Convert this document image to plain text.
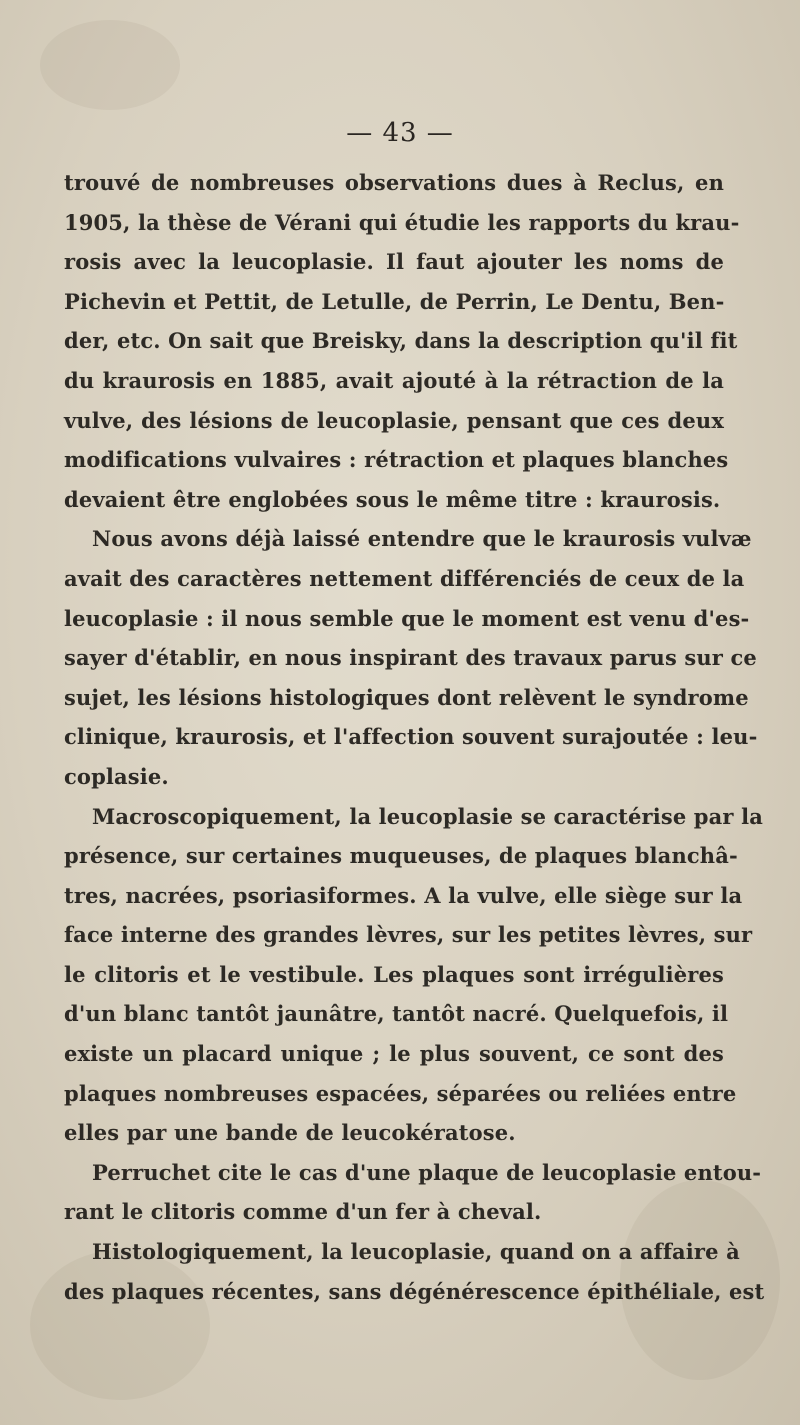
— 43 —
trouvé de nombreuses observations dues à Reclus, en
1905, la thèse de Vérani qui étudie les rapports du krau-
rosis avec la leucoplasie. Il faut ajouter les noms de
Pichevin et Pettit, de Letulle, de Perrin, Le Dentu, Ben-
der, etc. On sait que Breisky, dans la description qu'il fit
du kraurosis en 1885, avait ajouté à la rétraction de la
vulve, des lésions de leucoplasie, pensant que ces deux
modifications vulvaires : rétraction et plaques blanches
devaient être englobées sous le même titre : kraurosis.
Nous avons déjà laissé entendre que le kraurosis vulvæ
avait des caractères nettement différenciés de ceux de la
leucoplasie : il nous semble que le moment est venu d'es-
sayer d'établir, en nous inspirant des travaux parus sur ce
sujet, les lésions histologiques dont relèvent le syndrome
clinique, kraurosis, et l'affection souvent surajoutée : leu-
coplasie.
Macroscopiquement, la leucoplasie se caractérise par la
présence, sur certaines muqueuses, de plaques blanchâ-
tres, nacrées, psoriasiformes. A la vulve, elle siège sur la
face interne des grandes lèvres, sur les petites lèvres, sur
le clitoris et le vestibule. Les plaques sont irrégulières
d'un blanc tantôt jaunâtre, tantôt nacré. Quelquefois, il
existe un placard unique ; le plus souvent, ce sont des
plaques nombreuses espacées, séparées ou reliées entre
elles par une bande de leucokératose.
Perruchet cite le cas d'une plaque de leucoplasie entou-
rant le clitoris comme d'un fer à cheval.
Histologiquement, la leucoplasie, quand on a affaire à
des plaques récentes, sans dégénérescence épithéliale, est
